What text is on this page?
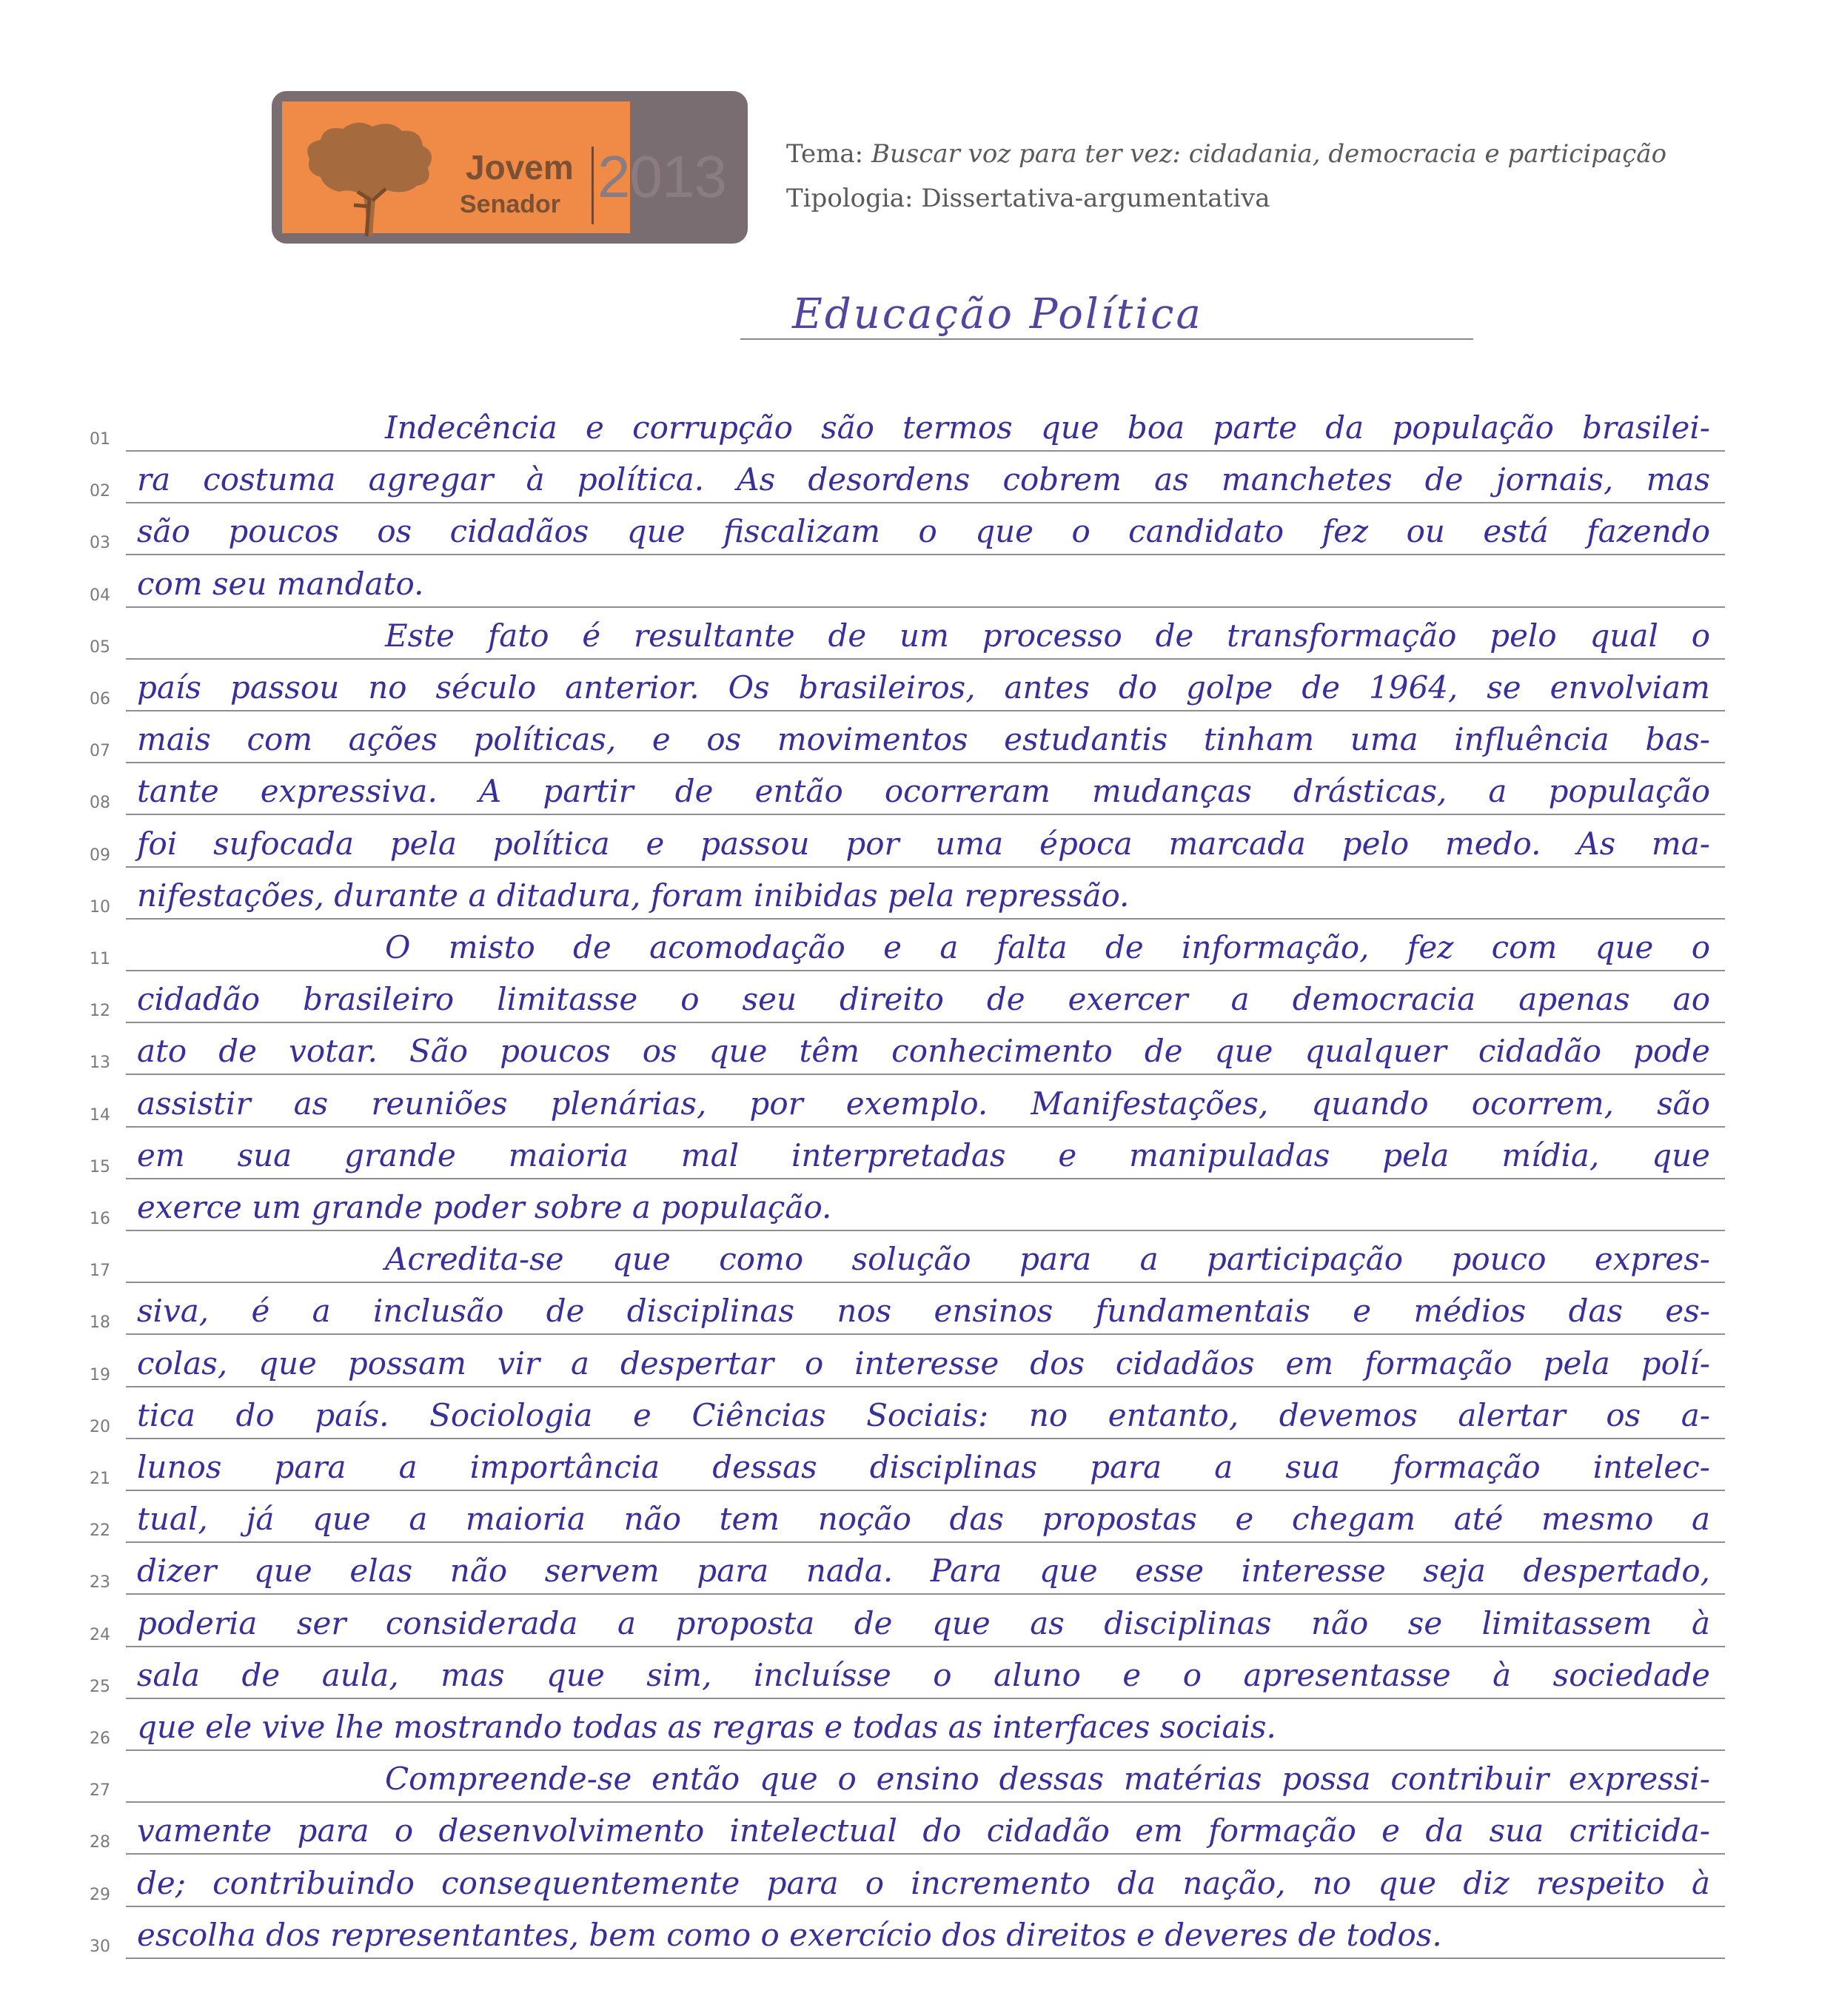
Jovem
Senador 2013 Tema: Buscar voz para ter vez: cidadania, democracia e participação
Tipologia: Dissertativa-argumentativa
Educação Política
01	Indecência e corrupção são termos que boa parte da população brasilei-
02 ra costuma agregar à política. As desordens cobrem as manchetes de jornais, mas
03 são poucos os cidadãos que fiscalizam o que o candidato fez ou está fazendo
04 com seu mandato.
05	Este fato é resultante de um processo de transformação pelo qual o
06 país passou no século anterior. Os brasileiros, antes do golpe de 1964, se envolviam
07 mais com ações políticas, e os movimentos estudantis tinham uma influência bas-
08 tante expressiva. A partir de então ocorreram mudanças drásticas, a população
09 foi sufocada pela política e passou por uma época marcada pelo medo. As ma-
10 nifestações, durante a ditadura, foram inibidas pela repressão.
11	O misto de acomodação e a falta de informação, fez com que o
12 cidadão brasileiro limitasse o seu direito de exercer a democracia apenas ao
13 ato de votar. São poucos os que têm conhecimento de que qualquer cidadão pode
14 assistir as reuniões plenárias, por exemplo. Manifestações, quando ocorrem, são
15 em sua grande maioria mal interpretadas e manipuladas pela mídia, que
16 exerce um grande poder sobre a população.
17	Acredita-se que como solução para a participação pouco expres-
18 siva, é a inclusão de disciplinas nos ensinos fundamentais e médios das es-
19 colas, que possam vir a despertar o interesse dos cidadãos em formação pela polí-
20 tica do país. Sociologia e Ciências Sociais: no entanto, devemos alertar os a-
21 lunos para a importância dessas disciplinas para a sua formação intelec-
22 tual, já que a maioria não tem noção das propostas e chegam até mesmo a
23 dizer que elas não servem para nada. Para que esse interesse seja despertado,
24 poderia ser considerada a proposta de que as disciplinas não se limitassem à
25 sala de aula, mas que sim, incluísse o aluno e o apresentasse à sociedade
26 que ele vive lhe mostrando todas as regras e todas as interfaces sociais.
27	Compreende-se então que o ensino dessas matérias possa contribuir expressi-
28 vamente para o desenvolvimento intelectual do cidadão em formação e da sua criticida-
29 de; contribuindo consequentemente para o incremento da nação, no que diz respeito à
30 escolha dos representantes, bem como o exercício dos direitos e deveres de todos.
